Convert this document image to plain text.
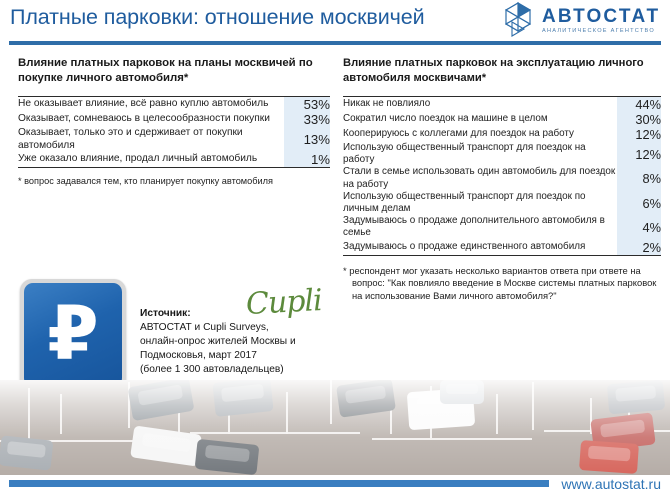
Платные парковки: отношение москвичей	АВТОСТАТ
АНАЛИТИЧЕСКОЕ АГЕНТСТВО
Влияние платных парковок на планы москвичей по покупке личного автомобиля*
Не оказывает влияние, всё равно куплю автомобиль	53%
Оказывает, сомневаюсь в целесообразности покупки	33%
Оказывает, только это и сдерживает от покупки автомобиля	13%
Уже оказало влияние, продал личный автомобиль	1%
* вопрос задавался тем, кто планирует покупку автомобиля
Влияние платных парковок на эксплуатацию личного автомобиля москвичами*
Никак не повлияло	44%
Сократил число поездок на машине в целом	30%
Кооперируюсь с коллегами для поездок на работу	12%
Использую общественный транспорт для поездок на работу	12%
Стали в семье использовать один автомобиль для поездок на работу	8%
Использую общественный транспорт для поездок по личным делам	6%
Задумываюсь о продаже дополнительного автомобиля в семье	4%
Задумываюсь о продаже единственного автомобиля	2%
* респондент мог указать несколько вариантов ответа при ответе на вопрос: "Как повлияло введение в Москве системы платных парковок на использование Вами личного автомобиля?"
₽	Источник:
АВТОСТАТ и Cupli Surveys,
онлайн-опрос жителей Москвы и
Подмосковья, март 2017
(более 1 300 автовладельцев)
Cupli
www.autostat.ru
